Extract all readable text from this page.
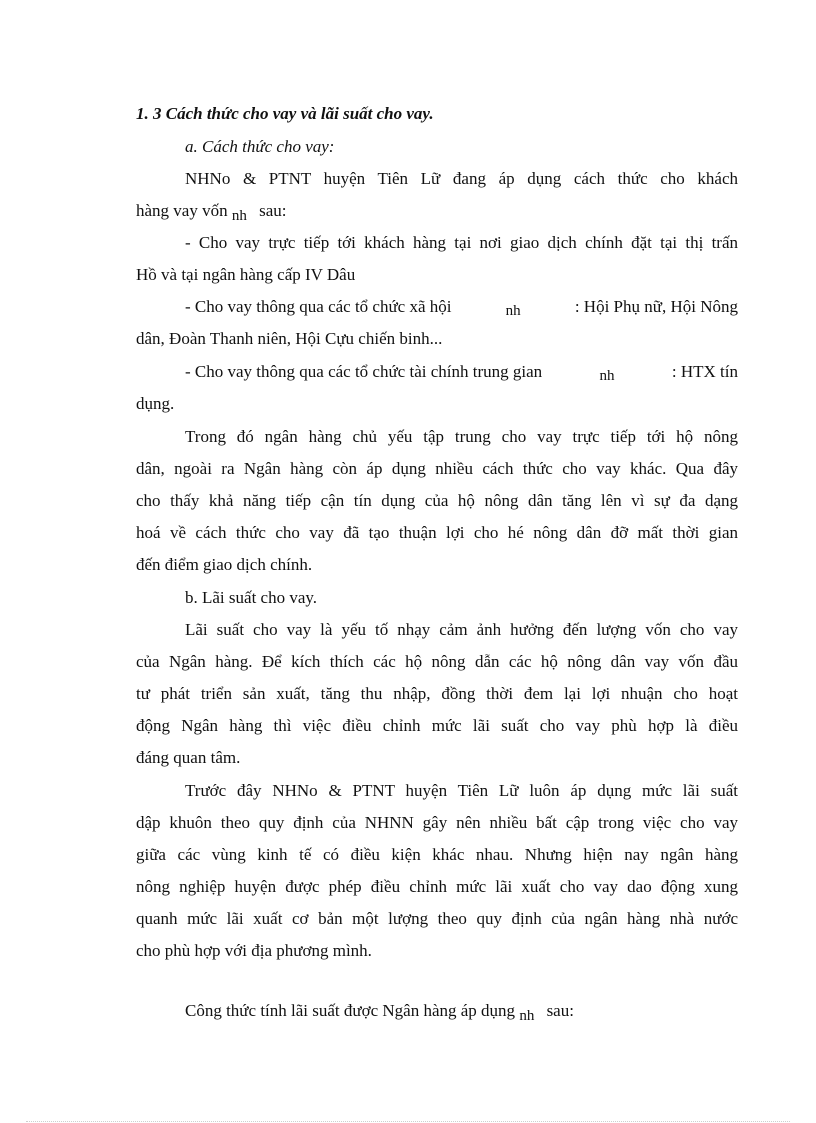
1. 3 Cách thức cho vay và lãi suất cho vay.
a. Cách thức cho vay:
NHNo & PTNT huyện Tiên Lữ đang áp dụng cách thức cho khách
hàng vay vốn nh sau:
- Cho vay trực tiếp tới khách hàng tại nơi giao dịch chính đặt tại thị trấn
Hồ và tại ngân hàng cấp IV Dâu
- Cho vay thông qua các tổ chức xã hội	nh	: Hội Phụ nữ, Hội Nông
dân, Đoàn Thanh niên, Hội Cựu chiến binh...
- Cho vay thông qua các tổ chức tài chính trung gian	nh	: HTX tín
dụng.
Trong đó ngân hàng chủ yếu tập trung cho vay trực tiếp tới hộ nông
dân, ngoài ra Ngân hàng còn áp dụng nhiều cách thức cho vay khác. Qua đây
cho thấy khả năng tiếp cận tín dụng của hộ nông dân tăng lên vì sự đa dạng
hoá về cách thức cho vay đã tạo thuận lợi cho hé nông dân đỡ mất thời gian
đến điểm giao dịch chính.
b. Lãi suất cho vay.
Lãi suất cho vay là yếu tố nhạy cảm ảnh hưởng đến lượng vốn cho vay
của Ngân hàng. Để kích thích các hộ nông dẫn các hộ nông dân vay vốn đầu
tư phát triển sản xuất, tăng thu nhập, đồng thời đem lại lợi nhuận cho hoạt
động Ngân hàng thì việc điều chỉnh mức lãi suất cho vay phù hợp là điều
đáng quan tâm.
Trước đây NHNo & PTNT huyện Tiên Lữ luôn áp dụng mức lãi suất
dập khuôn theo quy định của NHNN gây nên nhiều bất cập trong việc cho vay
giữa các vùng kinh tế có điều kiện khác nhau. Nhưng hiện nay ngân hàng
nông nghiệp huyện được phép điều chỉnh mức lãi xuất cho vay dao động xung
quanh mức lãi xuất cơ bản một lượng theo quy định của ngân hàng nhà nước
cho phù hợp với địa phương mình.
Công thức tính lãi suất được Ngân hàng áp dụng nh sau:
